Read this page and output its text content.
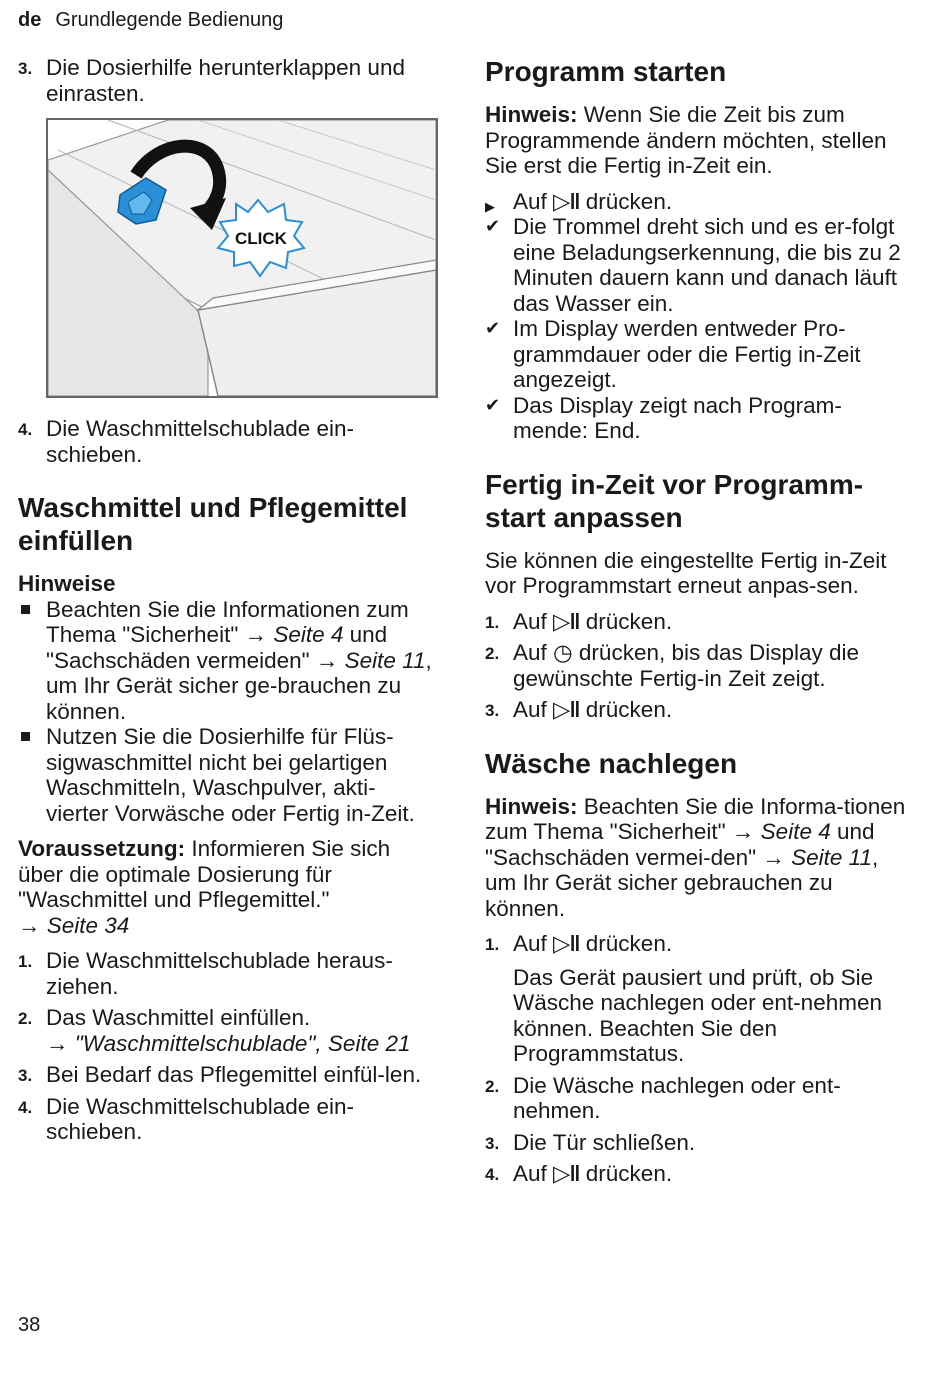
de Grundlegende Bedienung
3. Die Dosierhilfe herunterklappen und einrasten.
CLICK
4. Die Waschmittelschublade ein-schieben.
Waschmittel und Pflegemittel einfüllen

Hinweise

Beachten Sie die Informationen zum Thema "Sicherheit" → Seite 4 und "Sachschäden vermeiden" → Seite 11, um Ihr Gerät sicher ge-brauchen zu können.
Nutzen Sie die Dosierhilfe für Flüs-sigwaschmittel nicht bei gelartigen Waschmitteln, Waschpulver, akti-vierter Vorwäsche oder Fertig in-Zeit.

Voraussetzung: Informieren Sie sich über die optimale Dosierung für "Waschmittel und Pflegemittel."
→ Seite 34

1. Die Waschmittelschublade heraus-ziehen.
2. Das Waschmittel einfüllen.
→ "Waschmittelschublade", Seite 21
3. Bei Bedarf das Pflegemittel einfül-len.
4. Die Waschmittelschublade ein-schieben.
Programm starten

Hinweis: Wenn Sie die Zeit bis zum Programmende ändern möchten, stellen Sie erst die Fertig in-Zeit ein.

▶︎ Auf ▷‖ drücken.
✔ Die Trommel dreht sich und es er-folgt eine Beladungserkennung, die bis zu 2 Minuten dauern kann und danach läuft das Wasser ein.
✔ Im Display werden entweder Pro-grammdauer oder die Fertig in-Zeit angezeigt.
✔ Das Display zeigt nach Program-mende: End.
Fertig in-Zeit vor Programm-start anpassen

Sie können die eingestellte Fertig in-Zeit vor Programmstart erneut anpas-sen.

1. Auf ▷‖ drücken.
2. Auf ◷ drücken, bis das Display die gewünschte Fertig-in Zeit zeigt.
3. Auf ▷‖ drücken.
Wäsche nachlegen

Hinweis: Beachten Sie die Informa-tionen zum Thema "Sicherheit" → Seite 4 und "Sachschäden vermei-den" → Seite 11, um Ihr Gerät sicher gebrauchen zu können.

1. Auf ▷‖ drücken.

Das Gerät pausiert und prüft, ob Sie Wäsche nachlegen oder ent-nehmen können. Beachten Sie den Programmstatus.

2. Die Wäsche nachlegen oder ent-nehmen.
3. Die Tür schließen.
4. Auf ▷‖ drücken.
38
